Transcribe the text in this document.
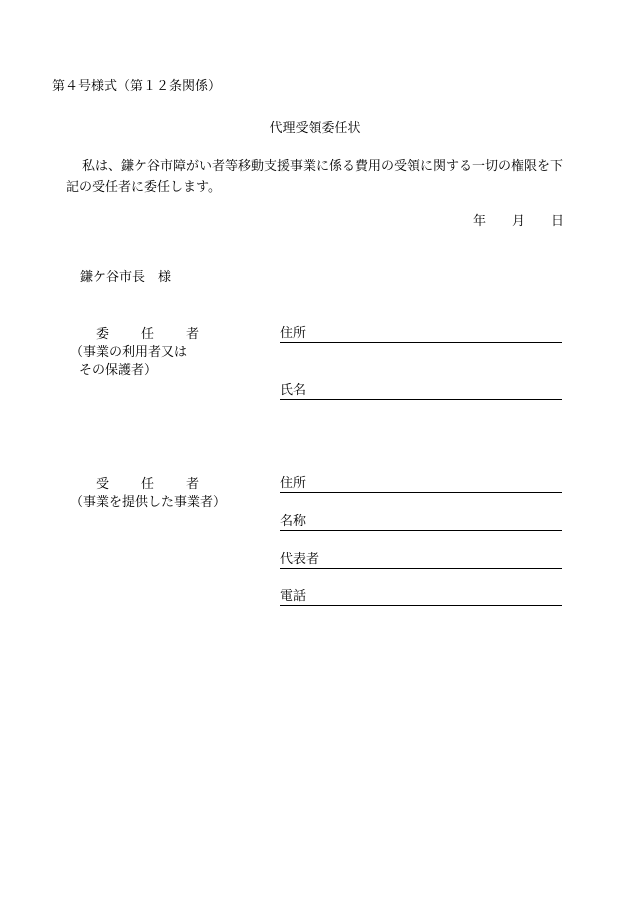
第４号様式（第１２条関係）
代理受領委任状
私は、鎌ケ谷市障がい者等移動支援事業に係る費用の受領に関する一切の権限を下記の受任者に委任します。
年 月 日
鎌ケ谷市長　様
委 任 者
（事業の利用者又は
その保護者）
住所
氏名
受 任 者
（事業を提供した事業者）
住所
名称
代表者
電話
